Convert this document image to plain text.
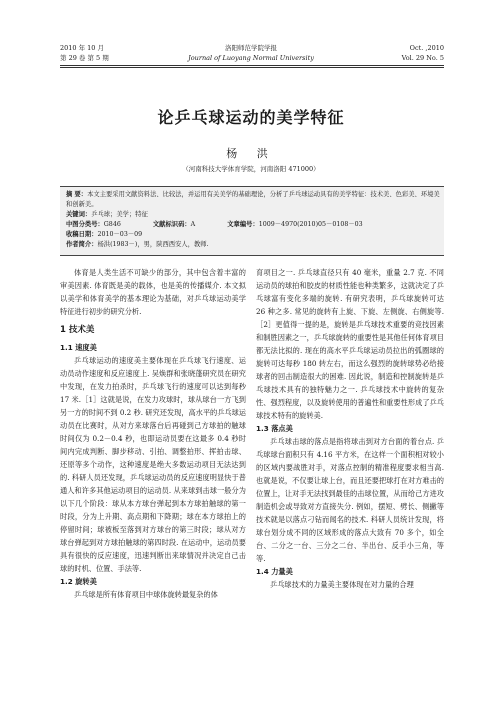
2010 年 10 月
第 29 卷 第 5 期
洛阳师范学院学报
Journal of Luoyang Normal University
Oct. ,2010
Vol. 29 No. 5
论乒乓球运动的美学特征
杨 洪
（河南科技大学体育学院，河南洛阳 471000）
摘 要：本文主要采用文献资料法、比较法，并运用有关美学的基础理论，分析了乒乓球运动具有的美学特征：技术美、色彩美、环境美和创新美。
关键词：乒乓球；美学；特征
中图分类号：G846	文献标识码：A	文章编号：1009－4970(2010)05－0108－03
收稿日期：2010－03－09
作者简介：杨洪(1983－)，男，陕西西安人，教师.

体育是人类生活不可缺少的部分，其中包含着丰富的审美因素. 体育既是美的载体，也是美的传播媒介. 本文拟以美学和体育美学的基本理论为基础，对乒乓球运动美学特征进行初步的研究分析.

1 技术美
1.1 速度美

乒乓球运动的速度美主要体现在乒乓球飞行速度、运动员动作速度和反应速度上. 吴焕群和张晓蓬研究员在研究中发现，在发力拍杀时，乒乓球飞行的速度可以达到每秒 17 米.［1］这就是说，在发力攻球时，球从球台一方飞到另一方的时间不到 0.2 秒. 研究还发现，高水平的乒乓球运动员在比赛时，从对方来球落台后再碰到己方球拍的触球时间仅为 0.2－0.4 秒，也即运动员要在这最多 0.4 秒时间内完成判断、脚步移动、引拍、调整拍形、挥拍击球、还原等多个动作，这种速度是绝大多数运动项目无法达到的. 科研人员还发现，乒乓球运动员的反应速度明显快于普通人和许多其他运动项目的运动员. 从来球到击球一般分为以下几个阶段：球从本方球台弹起到本方球拍触球的第一时段，分为上升期、高点期和下降期；球在本方球拍上的停留时间；球被板至落到对方球台的第三时段；球从对方球台弹起到对方球拍触球的第四时段. 在运动中，运动员要具有很快的反应速度，迅速判断出来球情况并决定自己击球的时机、位置、手法等.

1.2 旋转美

乒乓球是所有体育项目中球体旋转最复杂的体

育项目之一. 乒乓球直径只有 40 毫米，重量 2.7 克. 不同运动员的球拍和胶皮的材质性能也种类繁多，这就决定了乒乓球富有变化多端的旋转. 有研究表明，乒乓球旋转可达 26 种之多. 常见的旋转有上旋、下旋、左侧旋、右侧旋等.［2］更值得一提的是，旋转是乒乓球技术重要的竞技因素和制胜因素之一，乒乓球旋转的重要性是其他任何体育项目都无法比拟的. 现在的高水平乒乓球运动员拉出的弧圈球的旋转可达每秒 180 转左右，而这么强烈的旋转球势必给接球者的回击制造很大的困难. 因此说，制造和控制旋转是乒乓球技术具有的独特魅力之一. 乒乓球技术中旋转的复杂性、强烈程度，以及旋转使用的普遍性和重要性形成了乒乓球技术特有的旋转美.

1.3 落点美

乒乓球击球的落点是指将球击到对方台面的着台点. 乒乓球球台面积只有 4.16 平方米，在这样一个面积相对较小的区域内要战胜对手，对落点控制的精准程度要求相当高. 也就是说，不仅要让球上台，而且还要把球打在对方难击的位置上，让对手无法找到最佳的击球位置，从而给己方进攻制造机会或导致对方直接失分. 例如，摆短、劈长、侧撇等技术就是以落点刁钻而闻名的技术. 科研人员统计发现，将球台划分成不同的区域形成的落点大致有 70 多个，如全台、二分之一台、三分之二台、半出台、反手小三角，等等.

1.4 力量美

乒乓球技术的力量美主要体现在对力量的合理
